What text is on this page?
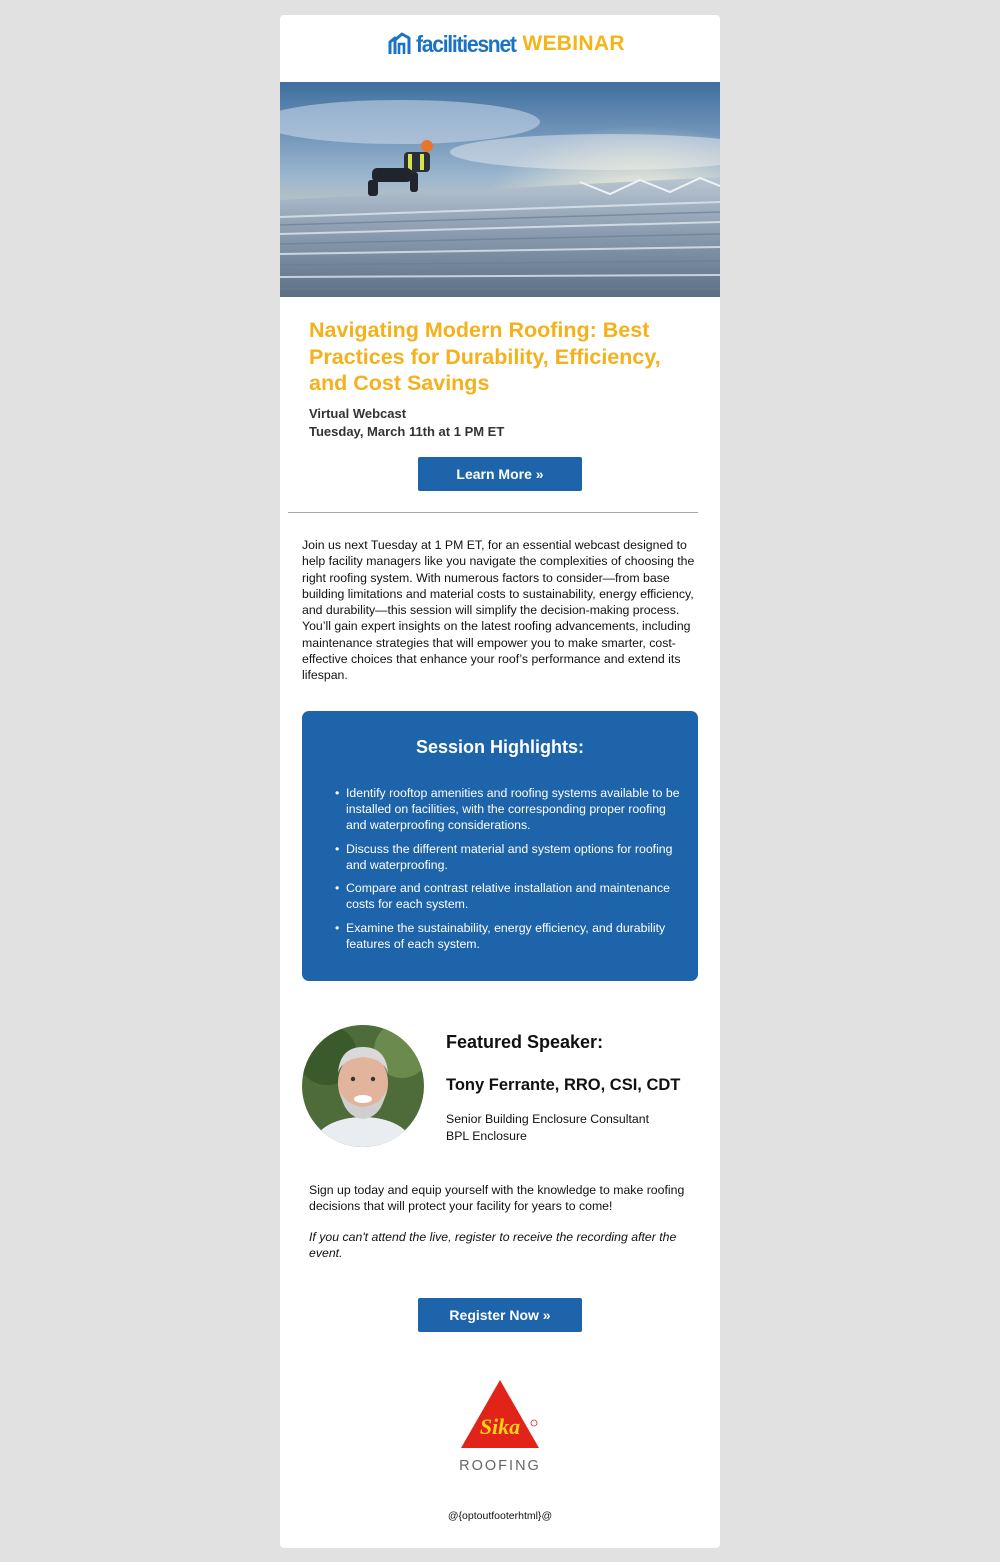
facilitiesnet WEBINAR
Navigating Modern Roofing: Best Practices for Durability, Efficiency, and Cost Savings

Virtual Webcast

Tuesday, March 11th at 1 PM ET

Learn More »

Join us next Tuesday at 1 PM ET, for an essential webcast designed to help facility managers like you navigate the complexities of choosing the right roofing system. With numerous factors to consider—from base building limitations and material costs to sustainability, energy efficiency, and durability—this session will simplify the decision-making process. You’ll gain expert insights on the latest roofing advancements, including maintenance strategies that will empower you to make smarter, cost-effective choices that enhance your roof’s performance and extend its lifespan.

Session Highlights:
• Identify rooftop amenities and roofing systems available to be installed on facilities, with the corresponding proper roofing and waterproofing considerations.
• Discuss the different material and system options for roofing and waterproofing.
• Compare and contrast relative installation and maintenance costs for each system.
• Examine the sustainability, energy efficiency, and durability features of each system.
Featured Speaker:
Tony Ferrante, RRO, CSI, CDT

Senior Building Enclosure Consultant

BPL Enclosure

Sign up today and equip yourself with the knowledge to make roofing decisions that will protect your facility for years to come!

If you can't attend the live, register to receive the recording after the event.

Register Now »
Sika

ROOFING

@{optoutfooterhtml}@
